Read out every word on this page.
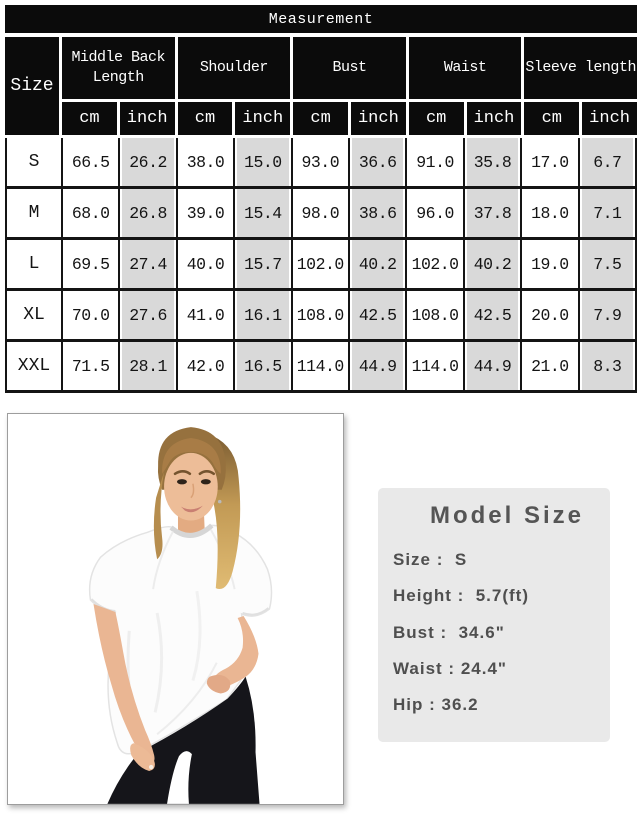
Measurement
Size
Middle Back Length
Shoulder	Bust	Waist	Sleeve length
cm	inch	cm	inch	cm	inch	cm	inch	cm	inch
S	66.5	26.2	38.0	15.0	93.0	36.6	91.0	35.8	17.0	6.7
M	68.0	26.8	39.0	15.4	98.0	38.6	96.0	37.8	18.0	7.1
L	69.5	27.4	40.0	15.7 102.0 40.2 102.0 40.2	19.0	7.5
XL	70.0	27.6	41.0	16.1 108.0 42.5 108.0 42.5	20.0	7.9
XXL	71.5	28.1	42.0	16.5 114.0 44.9 114.0 44.9	21.0	8.3
Model Size
Size :  S
Height :  5.7(ft)
Bust :  34.6"
Waist : 24.4"
Hip : 36.2
